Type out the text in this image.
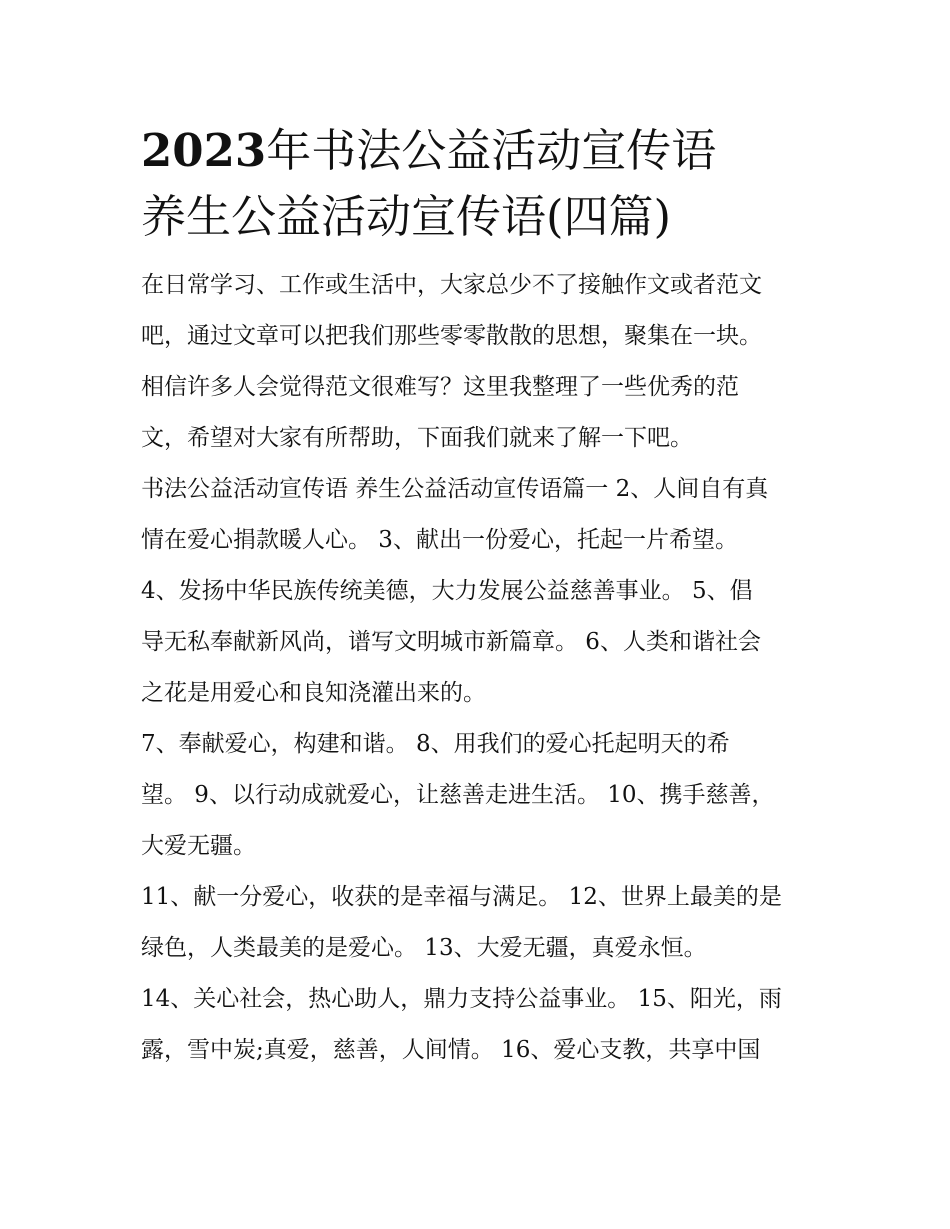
2023年书法公益活动宣传语
养生公益活动宣传语(四篇)

在日常学习、工作或生活中，大家总少不了接触作文或者范文

吧，通过文章可以把我们那些零零散散的思想，聚集在一块。

相信许多人会觉得范文很难写？这里我整理了一些优秀的范

文，希望对大家有所帮助，下面我们就来了解一下吧。

书法公益活动宣传语 养生公益活动宣传语篇一 2、人间自有真

情在爱心捐款暖人心。 3、献出一份爱心，托起一片希望。

4、发扬中华民族传统美德，大力发展公益慈善事业。 5、倡

导无私奉献新风尚，谱写文明城市新篇章。 6、人类和谐社会

之花是用爱心和良知浇灌出来的。

7、奉献爱心，构建和谐。 8、用我们的爱心托起明天的希

望。 9、以行动成就爱心，让慈善走进生活。 10、携手慈善，

大爱无疆。

11、献一分爱心，收获的是幸福与满足。 12、世界上最美的是

绿色，人类最美的是爱心。 13、大爱无疆，真爱永恒。

14、关心社会，热心助人，鼎力支持公益事业。 15、阳光，雨

露，雪中炭;真爱，慈善，人间情。 16、爱心支教，共享中国
